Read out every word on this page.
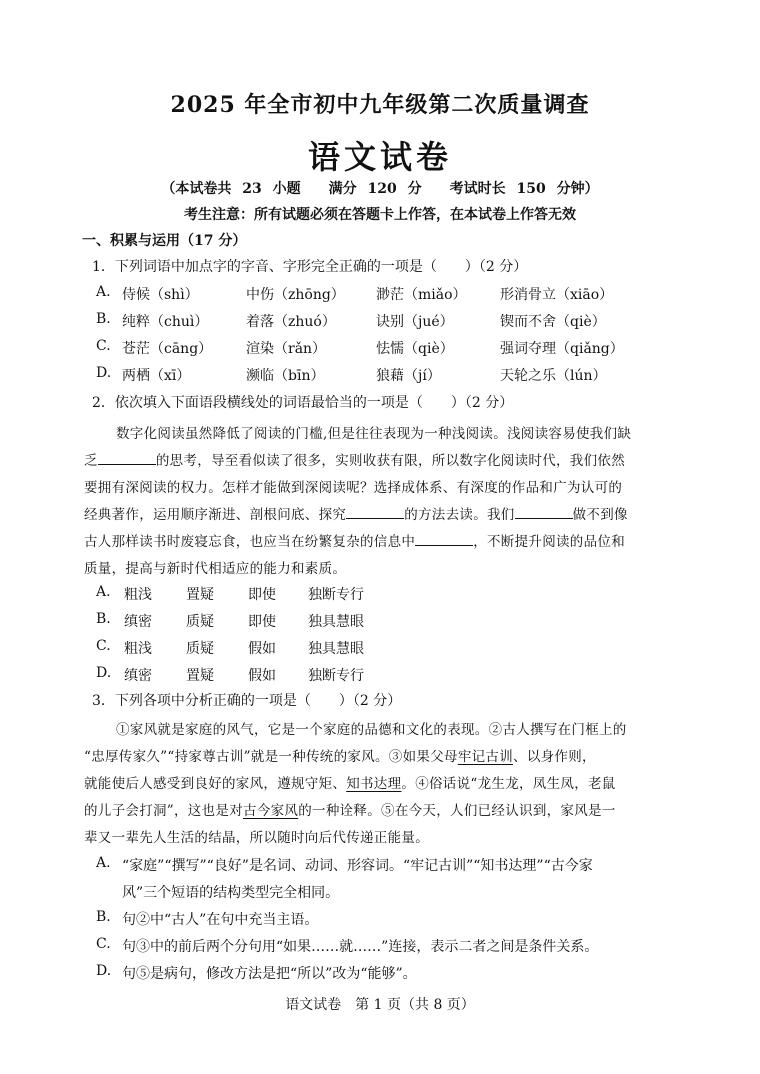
2025 年全市初中九年级第二次质量调查
语文试卷
（本试卷共 23 小题　　满分 120 分　　考试时长 150 分钟）
考生注意：所有试题必须在答题卡上作答，在本试卷上作答无效
一、积累与运用（17 分）
1．下列词语中加点字的字音、字形完全正确的一项是（　　）（2 分）
A. 侍候（shì）	中伤（zhōng） 渺茫（miǎo） 形消骨立（xiāo）
B. 纯粹（chuì）	着落（zhuó）	诀别（jué）	锲而不舍（qiè）
C. 苍茫（cāng） 渲染（rǎn）	怯懦（qiè）	强词夺理（qiǎng）
D. 两栖（xī）	濒临（bīn）	狼藉（jí）	天轮之乐（lún）
2．依次填入下面语段横线处的词语最恰当的一项是（　　）（2 分）
数字化阅读虽然降低了阅读的门槛,但是往往表现为一种浅阅读。浅阅读容易使我们缺
乏	的思考，导至看似读了很多，实则收获有限，所以数字化阅读时代，我们依然
要拥有深阅读的权力。怎样才能做到深阅读呢？选择成体系、有深度的作品和广为认可的
经典著作，运用顺序渐进、剖根问底、探究	的方法去读。我们	做不到像
古人那样读书时废寝忘食，也应当在纷繁复杂的信息中	，不断提升阅读的品位和
质量，提高与新时代相适应的能力和素质。
A. 粗浅 置疑 即使 独断专行
B. 缜密 质疑 即使 独具慧眼
C. 粗浅 质疑 假如 独具慧眼
D. 缜密 置疑 假如 独断专行
3．下列各项中分析正确的一项是（　　）（2 分）
①家风就是家庭的风气，它是一个家庭的品德和文化的表现。②古人撰写在门框上的
“忠厚传家久”“持家尊古训”就是一种传统的家风。③如果父母牢记古训、以身作则，
就能使后人感受到良好的家风，遵规守矩、知书达理。④俗话说“龙生龙，凤生凤，老鼠
的儿子会打洞”，这也是对古今家风的一种诠释。⑤在今天，人们已经认识到，家风是一
辈又一辈先人生活的结晶，所以随时向后代传递正能量。
A. “家庭”“撰写”“良好”是名词、动词、形容词。“牢记古训”“知书达理”“古今家
风”三个短语的结构类型完全相同。
B. 句②中“古人”在句中充当主语。
C. 句③中的前后两个分句用“如果……就……”连接，表示二者之间是条件关系。
D. 句⑤是病句，修改方法是把“所以”改为“能够”。
语文试卷　第 1 页（共 8 页）
